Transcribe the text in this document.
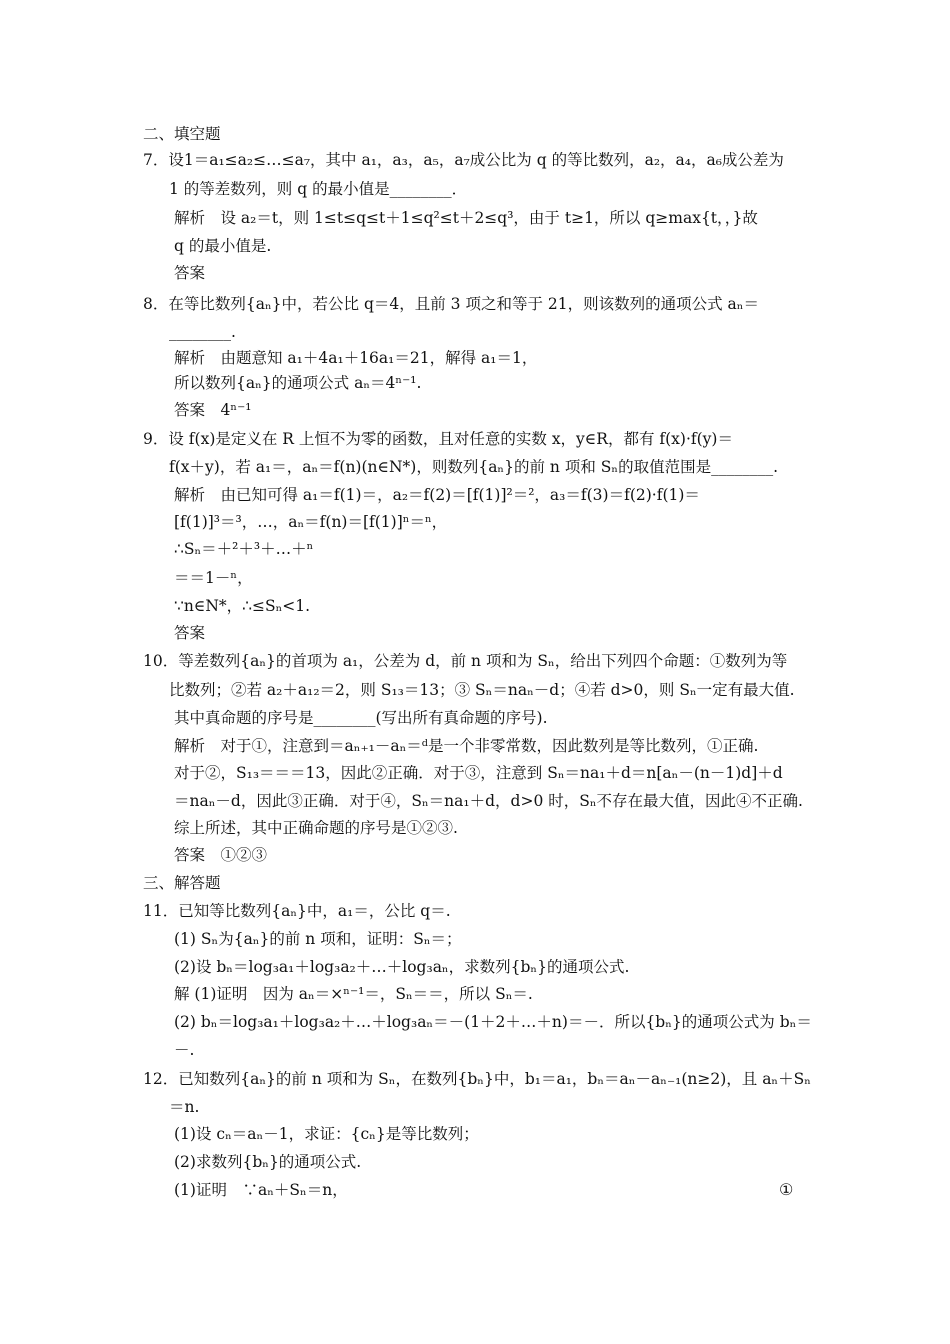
二、填空题
7．设1＝a₁≤a₂≤…≤a₇，其中 a₁，a₃，a₅，a₇成公比为 q 的等比数列，a₂，a₄，a₆成公差为
1 的等差数列，则 q 的最小值是________．
解析　设 a₂＝t，则 1≤t≤q≤t＋1≤q²≤t＋2≤q³，由于 t≥1，所以 q≥max{t，，}故
q 的最小值是.
答案
8．在等比数列{aₙ}中，若公比 q＝4，且前 3 项之和等于 21，则该数列的通项公式 aₙ＝
________.
解析　由题意知 a₁＋4a₁＋16a₁＝21，解得 a₁＝1，
所以数列{aₙ}的通项公式 aₙ＝4ⁿ⁻¹.
答案　4ⁿ⁻¹
9．设 f(x)是定义在 R 上恒不为零的函数，且对任意的实数 x，y∈R，都有 f(x)·f(y)＝
f(x＋y)，若 a₁＝，aₙ＝f(n)(n∈N*)，则数列{aₙ}的前 n 项和 Sₙ的取值范围是________.
解析　由已知可得 a₁＝f(1)＝，a₂＝f(2)＝[f(1)]²＝²，a₃＝f(3)＝f(2)·f(1)＝
[f(1)]³＝³，…，aₙ＝f(n)＝[f(1)]ⁿ＝ⁿ，
∴Sₙ＝＋²＋³＋…＋ⁿ
＝＝1－ⁿ，
∵n∈N*，∴≤Sₙ<1.
答案
10．等差数列{aₙ}的首项为 a₁，公差为 d，前 n 项和为 Sₙ，给出下列四个命题：①数列为等
比数列；②若 a₂＋a₁₂＝2，则 S₁₃＝13；③ Sₙ＝naₙ－d；④若 d>0，则 Sₙ一定有最大值.
其中真命题的序号是________(写出所有真命题的序号).
解析　对于①，注意到＝aₙ₊₁－aₙ＝ᵈ是一个非零常数，因此数列是等比数列，①正确.
对于②，S₁₃＝＝＝13，因此②正确．对于③，注意到 Sₙ＝na₁＋d＝n[aₙ－(n－1)d]＋d
＝naₙ－d，因此③正确．对于④，Sₙ＝na₁＋d，d>0 时，Sₙ不存在最大值，因此④不正确.
综上所述，其中正确命题的序号是①②③.
答案　①②③
三、解答题
11．已知等比数列{aₙ}中，a₁＝，公比 q＝.
(1) Sₙ为{aₙ}的前 n 项和，证明：Sₙ＝；
(2)设 bₙ＝log₃a₁＋log₃a₂＋…＋log₃aₙ，求数列{bₙ}的通项公式.
解 (1)证明　因为 aₙ＝×ⁿ⁻¹＝，Sₙ＝＝，所以 Sₙ＝.
(2) bₙ＝log₃a₁＋log₃a₂＋…＋log₃aₙ＝－(1＋2＋…＋n)＝－．所以{bₙ}的通项公式为 bₙ＝
－.
12．已知数列{aₙ}的前 n 项和为 Sₙ，在数列{bₙ}中，b₁＝a₁，bₙ＝aₙ－aₙ₋₁(n≥2)，且 aₙ＋Sₙ
＝n.
(1)设 cₙ＝aₙ－1，求证：{cₙ}是等比数列；
(2)求数列{bₙ}的通项公式.
(1)证明　∵aₙ＋Sₙ＝n，	①
